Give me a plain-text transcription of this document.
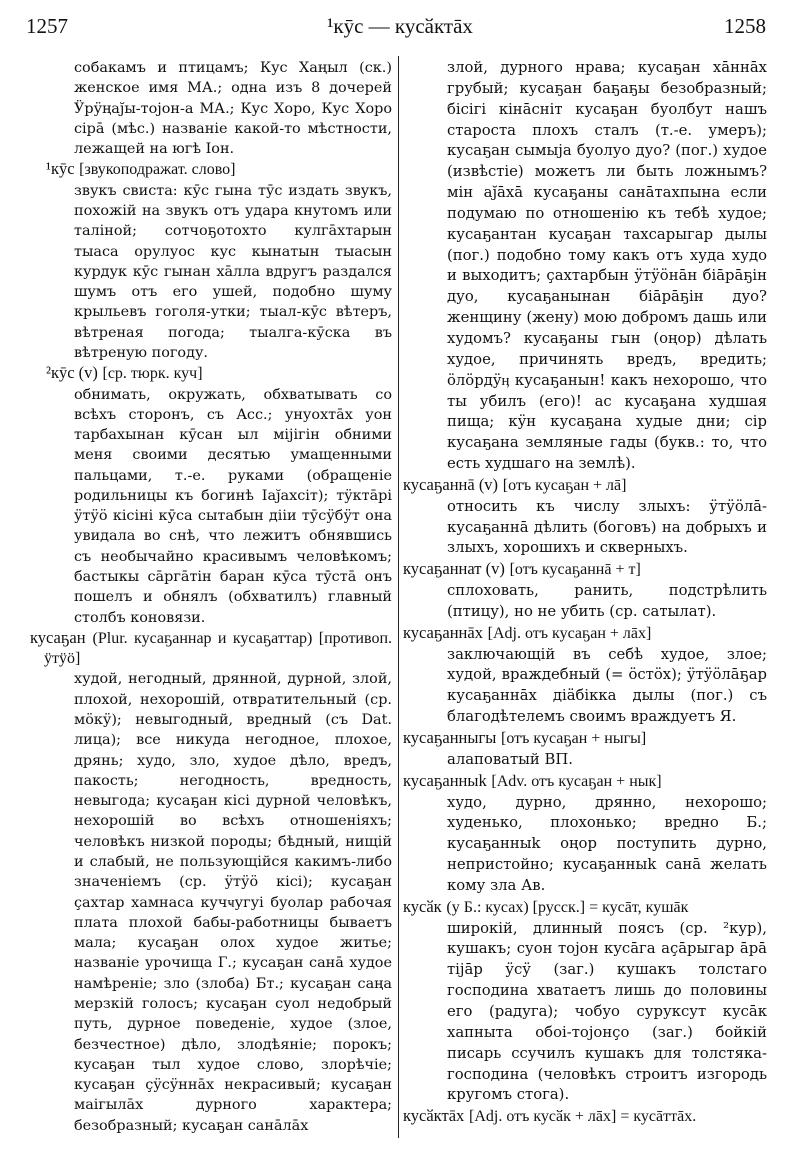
1257	¹кӯс — кусӑктāх	1258

собакамъ и птицамъ; Кус Хаңыл (ск.) женское имя МА.; одна изъ 8 дочерей Ӱрӱңај̆ы-тојон-а МА.; Кус Хоро, Кус Хоро сірā (мѣс.) названіе какой-то мѣстности, лежащей на югѣ Іон.

¹кӯс [звукоподражат. слово]

звукъ свиста: кӯс гына тӯс издать звукъ, похожій на звукъ отъ удара кнутомъ или таліной; сотчоҕотохто кулгāхтарын тыаса орулуос кус кынатын тыасын курдук кӯс гынан хāлла вдругъ раздался шумъ отъ его ушей, подобно шуму крыльевъ гоголя-утки; тыал-кӯс вѣтеръ, вѣтреная погода; тыалга-кӯска въ вѣтреную погоду.

²кӯс (v) [ср. тюрк. куч]

обнимать, окружать, обхватывать со всѣхъ сторонъ, съ Acc.; унуохтāх уон тарбахынан кӯсан ыл міјігін обними меня своими десятью умащенными пальцами, т.-е. руками (обращеніе родильницы къ богинѣ Іај̆ахсіт); тӱктāрі ӱтӱö кісіні кӯса сытабын дііи тӯсӱбӱт она увидала во снѣ, что лежитъ обнявшись съ необычайно красивымъ человѣкомъ; бастыкы сāргāтін баран кӯса тӯстā онъ пошелъ и обнялъ (обхватилъ) главный столбъ коновязи.

кусаҕан (Plur. кусаҕаннар и кусаҕаттар) [противоп. ӱтӱö]

худой, негодный, дрянной, дурной, злой, плохой, нехорошій, отвратительный (ср. мöкӱ); невыгодный, вредный (съ Dat. лица); все никуда негодное, плохое, дрянь; худо, зло, худое дѣло, вредъ, пакость; негодность, вредность, невыгода; кусаҕан кісі дурной человѣкъ, нехорошій во всѣхъ отношеніяхъ; человѣкъ низкой породы; бѣдный, нищій и слабый, не пользующійся какимъ-либо значеніемъ (ср. ӱтӱö кісі); кусаҕан ҫахтар хамнаса кучҹугуі буолар рабочая плата плохой бабы-работницы бываетъ мала; кусаҕан олох худое житье; названіе урочища Г.; кусаҕан санā худое намѣреніе; зло (злоба) Бт.; кусаҕан саңа мерзкій голосъ; кусаҕан суол недобрый путь, дурное поведеніе, худое (злое, безчестное) дѣло, злодѣяніе; порокъ; кусаҕан тыл худое слово, злорѣчіе; кусаҕан ҫӱсӱннāх некрасивый; кусаҕан маігылāх дурного характера; безобразный; кусаҕан санāлāх

злой, дурного нрава; кусаҕан хāннāх грубый; кусаҕан баҕаҕы безобразный; бісігі кінāсніт кусаҕан буолбут нашъ староста плохъ сталъ (т.-е. умеръ); кусаҕан сымыја буолуо дуо? (пог.) худое (извѣстіе) можетъ ли быть ложнымъ? мін ај̆āхā кусаҕаны санāтахпына если подумаю по отношенію къ тебѣ худое; кусаҕантан кусаҕан тахсарыгар дылы (пог.) подобно тому какъ отъ худа худо и выходитъ; ҫахтарбын ӱтӱöнāн біāрāҕін дуо, кусаҕанынан біāрāҕін дуо? женщину (жену) мою добромъ дашь или худомъ? кусаҕаны гын (оңор) дѣлать худое, причинять вредъ, вредить; öлöрдӱӊ кусаҕанын! какъ нехорошо, что ты убилъ (его)! ас кусаҕана худшая пища; кӱн кусаҕана худые дни; сір кусаҕана земляные гады (букв.: то, что есть худшаго на землѣ).

кусаҕаннā (v) [отъ кусаҕан + лā]

относить къ числу злыхъ: ӱтӱöлā-кусаҕаннā дѣлить (боговъ) на добрыхъ и злыхъ, хорошихъ и скверныхъ.

кусаҕаннат (v) [отъ кусаҕаннā + т]

сплоховать, ранить, подстрѣлить (птицу), но не убить (ср. сатылат).

кусаҕаннāх [Adj. отъ кусаҕан + лāх]

заключающій въ себѣ худое, злое; худой, враждебный (= öстöх); ӱтӱöлāҕар кусаҕаннāх діäбікка дылы (пог.) съ благодѣтелемъ своимъ враждуетъ Я.

кусаҕанныгы [отъ кусаҕан + ныгы]

алаповатый ВП.

кусаҕанныk [Adv. отъ кусаҕан + нык]

худо, дурно, дрянно, нехорошо; худенько, плохонько; вредно Б.; кусаҕанныk оңор поступить дурно, непристойно; кусаҕанныk санā желать кому зла Ав.

кусӑк (у Б.: кусах) [русск.] = кусāт, кушāк

широкій, длинный поясъ (ср. ²кур), кушакъ; суон тојон кусāга аҫāрыгар āрā тіјāр ӱсӱ (заг.) кушакъ толстаго господина хватаетъ лишь до половины его (радуга); чобуо сурукcут кусāк хапныта обоі-тојонҫо (заг.) бойкій писарь ссучилъ кушакъ для толстяка-господина (человѣкъ строитъ изгородь кругомъ стога).

кусӑктāх [Adj. отъ кусӑк + лāх] = кусāттāх.
